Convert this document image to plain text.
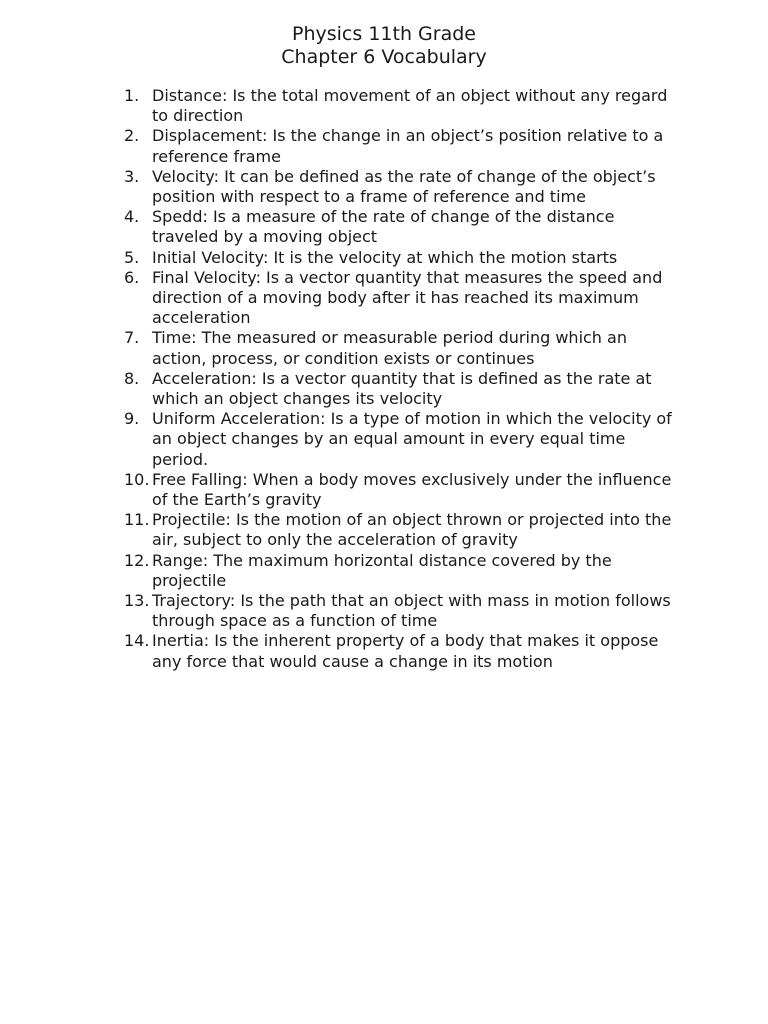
Physics 11th Grade
Chapter 6 Vocabulary
1. Distance: Is the total movement of an object without any regard to direction
2. Displacement: Is the change in an object’s position relative to a reference frame
3. Velocity: It can be defined as the rate of change of the object’s position with respect to a frame of reference and time
4. Spedd: Is a measure of the rate of change of the distance traveled by a moving object
5. Initial Velocity: It is the velocity at which the motion starts
6. Final Velocity: Is a vector quantity that measures the speed and direction of a moving body after it has reached its maximum acceleration
7. Time: The measured or measurable period during which an action, process, or condition exists or continues
8. Acceleration: Is a vector quantity that is defined as the rate at which an object changes its velocity
9. Uniform Acceleration: Is a type of motion in which the velocity of an object changes by an equal amount in every equal time period.
10. Free Falling: When a body moves exclusively under the influence of the Earth’s gravity
11. Projectile: Is the motion of an object thrown or projected into the air, subject to only the acceleration of gravity
12. Range: The maximum horizontal distance covered by the projectile
13. Trajectory: Is the path that an object with mass in motion follows through space as a function of time
14. Inertia: Is the inherent property of a body that makes it oppose any force that would cause a change in its motion
